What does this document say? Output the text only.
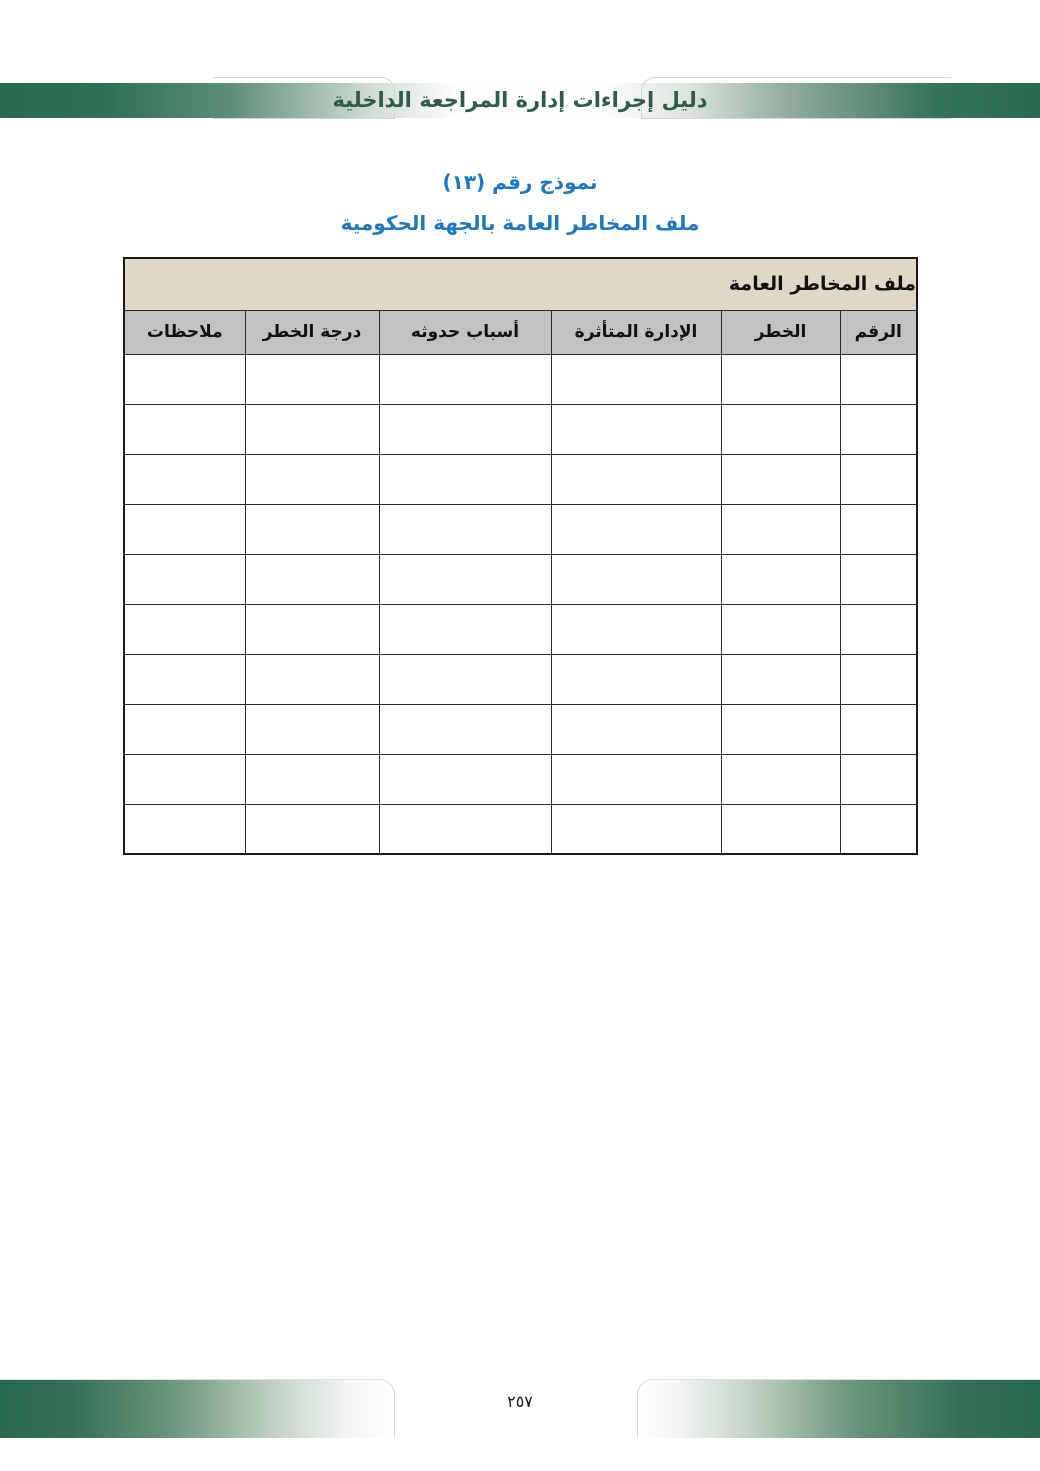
دليل إجراءات إدارة المراجعة الداخلية
نموذج رقم (١٣)
ملف المخاطر العامة بالجهة الحكومية
ملف المخاطر العامة					
الرقم	الخطر	الإدارة المتأثرة	أسباب حدوثه	درجة الخطر	ملاحظات

٢٥٧
